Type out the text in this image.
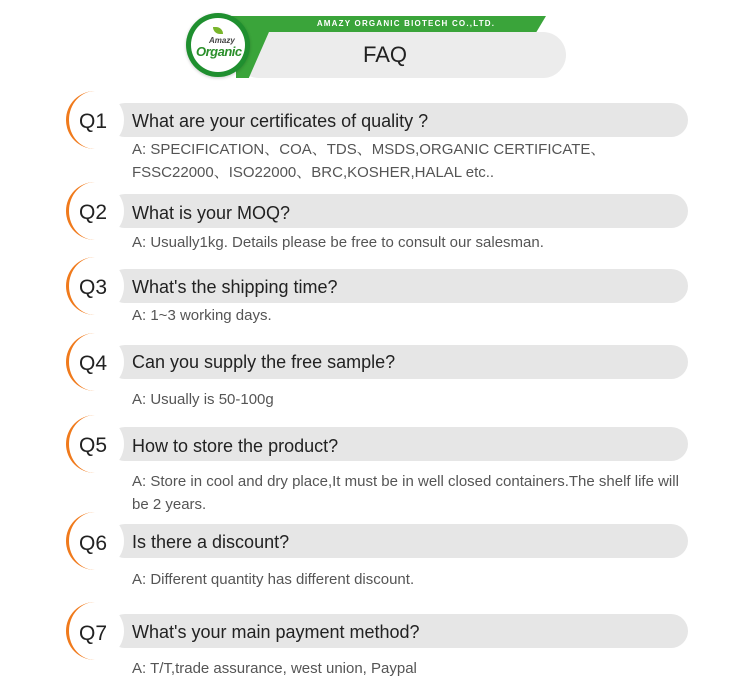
AMAZY ORGANIC BIOTECH CO.,LTD.
FAQ
Amazy
Organic
Q1 What are your certificates of quality ?
A: SPECIFICATION、COA、TDS、MSDS,ORGANIC CERTIFICATE、FSSC22000、ISO22000、BRC,KOSHER,HALAL etc..
Q2 What is your MOQ?
A: Usually1kg. Details please be free to consult our salesman.
Q3 What's the shipping time?
A: 1~3 working days.
Q4 Can you supply the free sample?
A: Usually is 50-100g
Q5 How to store the product?
A: Store in cool and dry place,It must be in well closed containers.The shelf life will be 2 years.
Q6 Is there a discount?
A: Different quantity has different discount.
Q7 What's your main payment method?
A: T/T,trade assurance, west union, Paypal
